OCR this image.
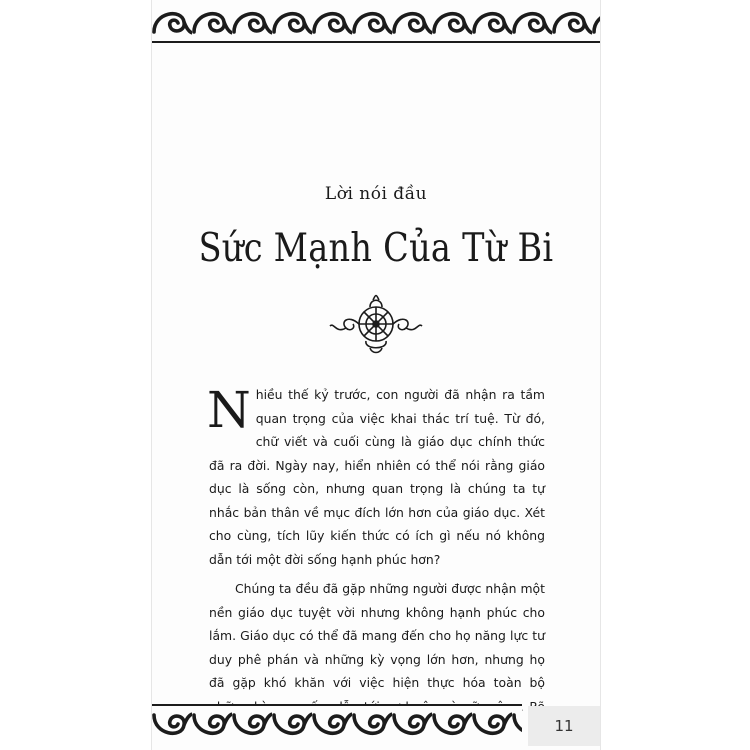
Lời nói đầu
Sức Mạnh Của Từ Bi

Nhiều thế kỷ trước, con người đã nhận ra tầm quan trọng của việc khai thác trí tuệ. Từ đó, chữ viết và cuối cùng là giáo dục chính thức đã ra đời. Ngày nay, hiển nhiên có thể nói rằng giáo dục là sống còn, nhưng quan trọng là chúng ta tự nhắc bản thân về mục đích lớn hơn của giáo dục. Xét cho cùng, tích lũy kiến thức có ích gì nếu nó không dẫn tới một đời sống hạnh phúc hơn?

Chúng ta đều đã gặp những người được nhận một nền giáo dục tuyệt vời nhưng không hạnh phúc cho lắm. Giáo dục có thể đã mang đến cho họ năng lực tư duy phê phán và những kỳ vọng lớn hơn, nhưng họ đã gặp khó khăn với việc hiện thực hóa toàn bộ

11
